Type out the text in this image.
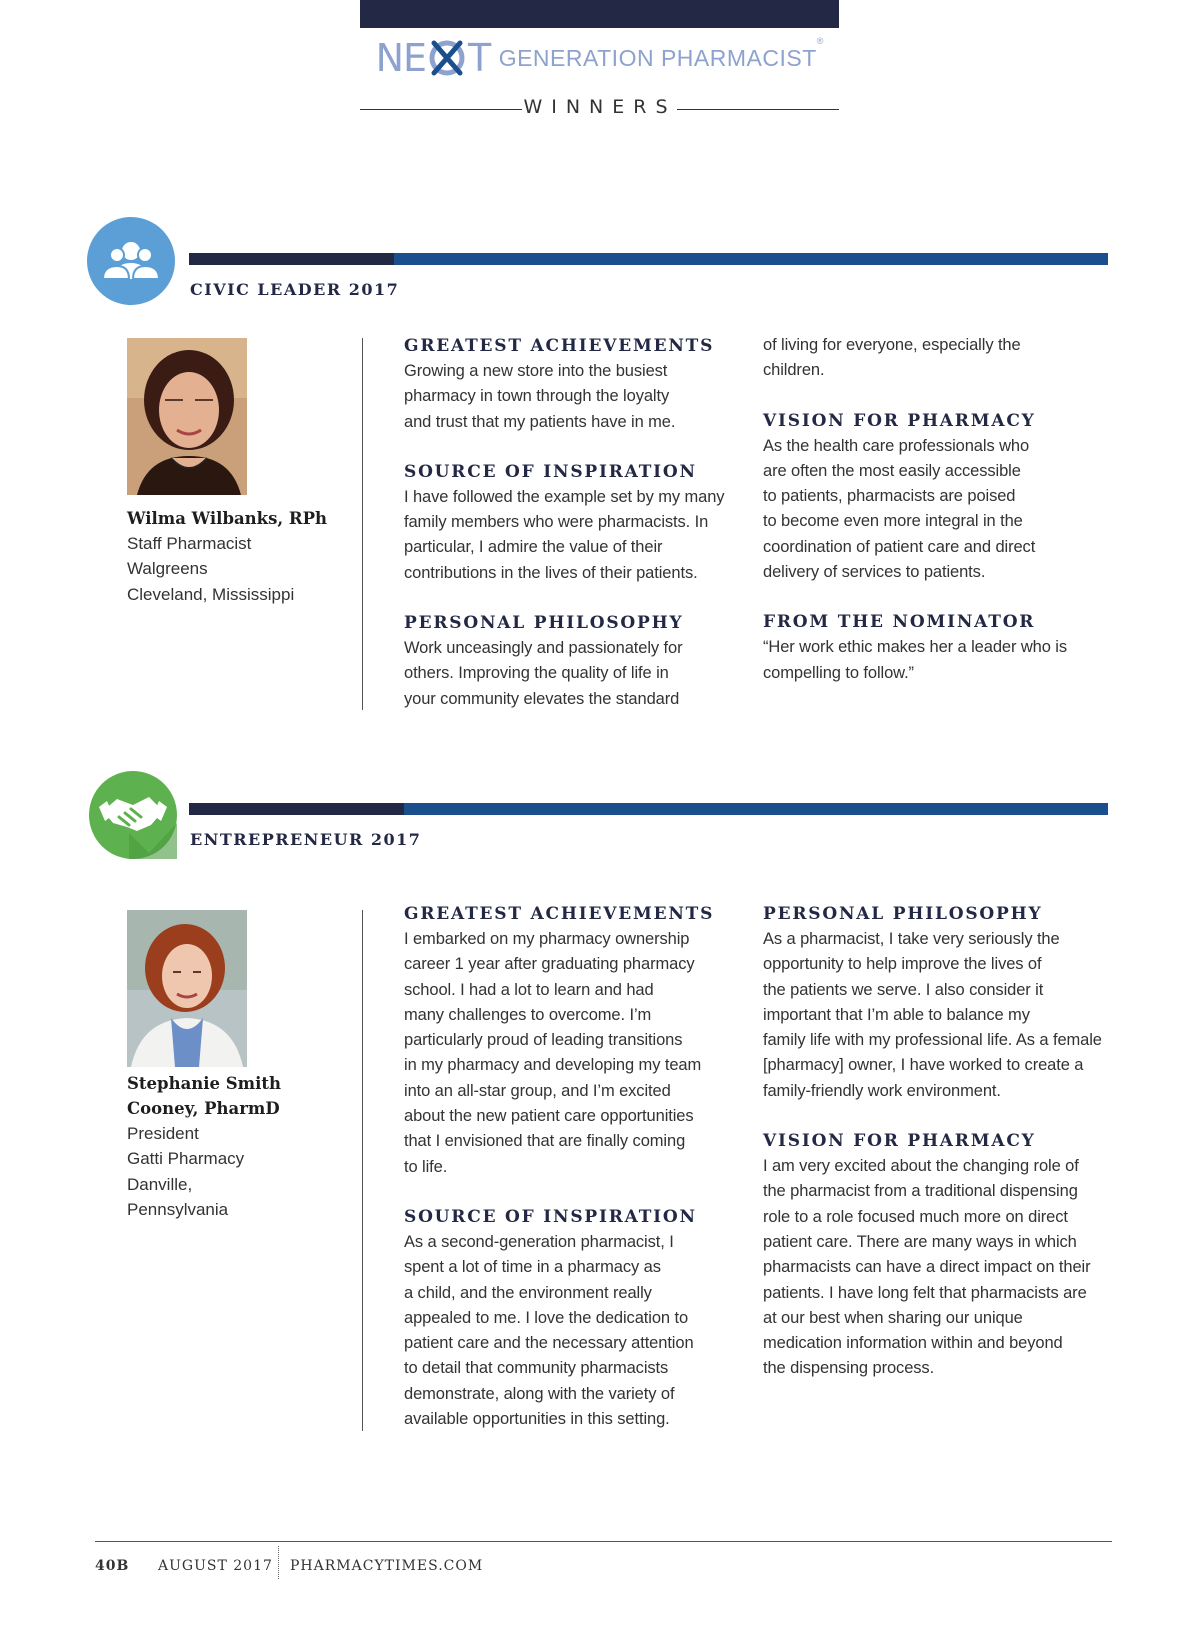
NE T GENERATION PHARMACIST®
WINNERS
CIVIC LEADER 2017
Wilma Wilbanks, RPh
Staff Pharmacist
Walgreens
Cleveland, Mississippi
GREATEST ACHIEVEMENTS
Growing a new store into the busiest
pharmacy in town through the loyalty
and trust that my patients have in me.
SOURCE OF INSPIRATION
I have followed the example set by my many
family members who were pharmacists. In
particular, I admire the value of their
contributions in the lives of their patients.
PERSONAL PHILOSOPHY
Work unceasingly and passionately for
others. Improving the quality of life in
your community elevates the standard
of living for everyone, especially the
children.
VISION FOR PHARMACY
As the health care professionals who
are often the most easily accessible
to patients, pharmacists are poised
to become even more integral in the
coordination of patient care and direct
delivery of services to patients.
FROM THE NOMINATOR
“Her work ethic makes her a leader who is
compelling to follow.”
ENTREPRENEUR 2017
Stephanie Smith
Cooney, PharmD
President
Gatti Pharmacy
Danville,
Pennsylvania
GREATEST ACHIEVEMENTS
I embarked on my pharmacy ownership
career 1 year after graduating pharmacy
school. I had a lot to learn and had
many challenges to overcome. I’m
particularly proud of leading transitions
in my pharmacy and developing my team
into an all-star group, and I’m excited
about the new patient care opportunities
that I envisioned that are finally coming
to life.
SOURCE OF INSPIRATION
As a second-generation pharmacist, I
spent a lot of time in a pharmacy as
a child, and the environment really
appealed to me. I love the dedication to
patient care and the necessary attention
to detail that community pharmacists
demonstrate, along with the variety of
available opportunities in this setting.
PERSONAL PHILOSOPHY
As a pharmacist, I take very seriously the
opportunity to help improve the lives of
the patients we serve. I also consider it
important that I’m able to balance my
family life with my professional life. As a female
[pharmacy] owner, I have worked to create a
family-friendly work environment.
VISION FOR PHARMACY
I am very excited about the changing role of
the pharmacist from a traditional dispensing
role to a role focused much more on direct
patient care. There are many ways in which
pharmacists can have a direct impact on their
patients. I have long felt that pharmacists are
at our best when sharing our unique
medication information within and beyond
the dispensing process.
40B AUGUST 2017 PHARMACYTIMES.COM
